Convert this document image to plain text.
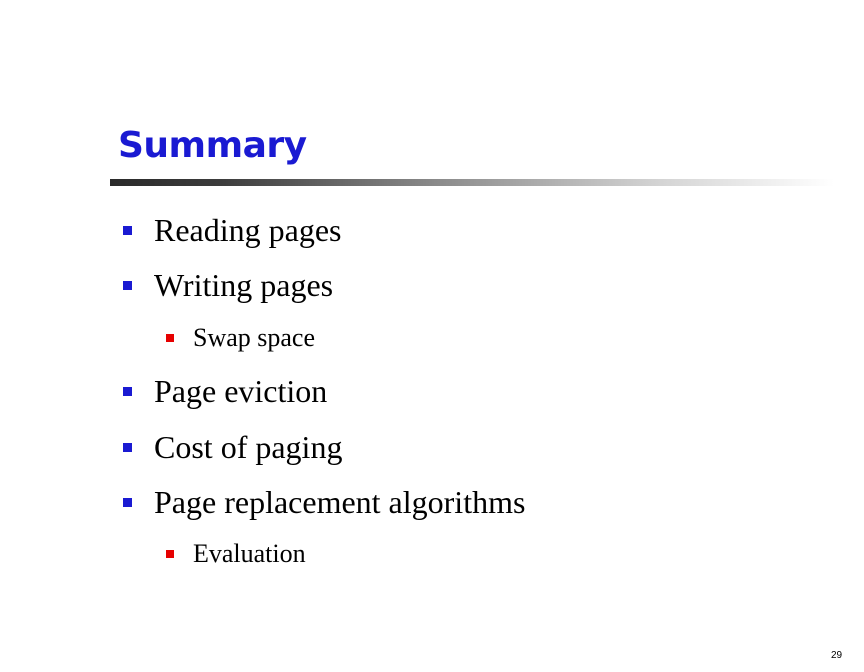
Summary
Reading pages
Writing pages
Swap space
Page eviction
Cost of paging
Page replacement algorithms
Evaluation
29
